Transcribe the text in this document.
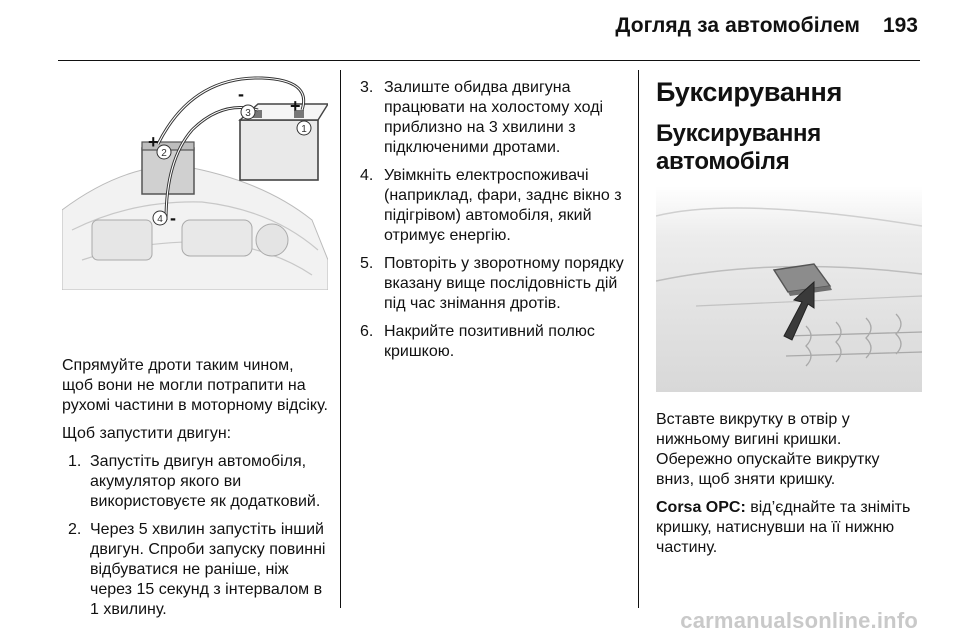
Догляд за автомобілем 193
1
2
3
4
+
+
-
-

Спрямуйте дроти таким чином, щоб вони не могли потрапити на рухомі частини в моторному відсіку.

Щоб запустити двигун:

1. Запустіть двигун автомобіля, акумулятор якого ви використовуєте як додатковий.
2. Через 5 хвилин запустіть інший двигун. Спроби запуску повинні відбуватися не раніше, ніж через 15 секунд з інтервалом в 1 хвилину.
3. Залиште обидва двигуна працювати на холостому ході приблизно на 3 хвилини з підключеними дротами.
4. Увімкніть електроспоживачі (наприклад, фари, заднє вікно з підігрівом) автомобіля, який отримує енергію.
5. Повторіть у зворотному порядку вказану вище послідовність дій під час знімання дротів.
6. Накрийте позитивний полюс кришкою.
Буксирування
Буксирування автомобіля

Вставте викрутку в отвір у нижньому вигині кришки. Обережно опускайте викрутку вниз, щоб зняти кришку.

Corsa OPC: від’єднайте та зніміть кришку, натиснувши на її нижню частину.

carmanualsonline.info
